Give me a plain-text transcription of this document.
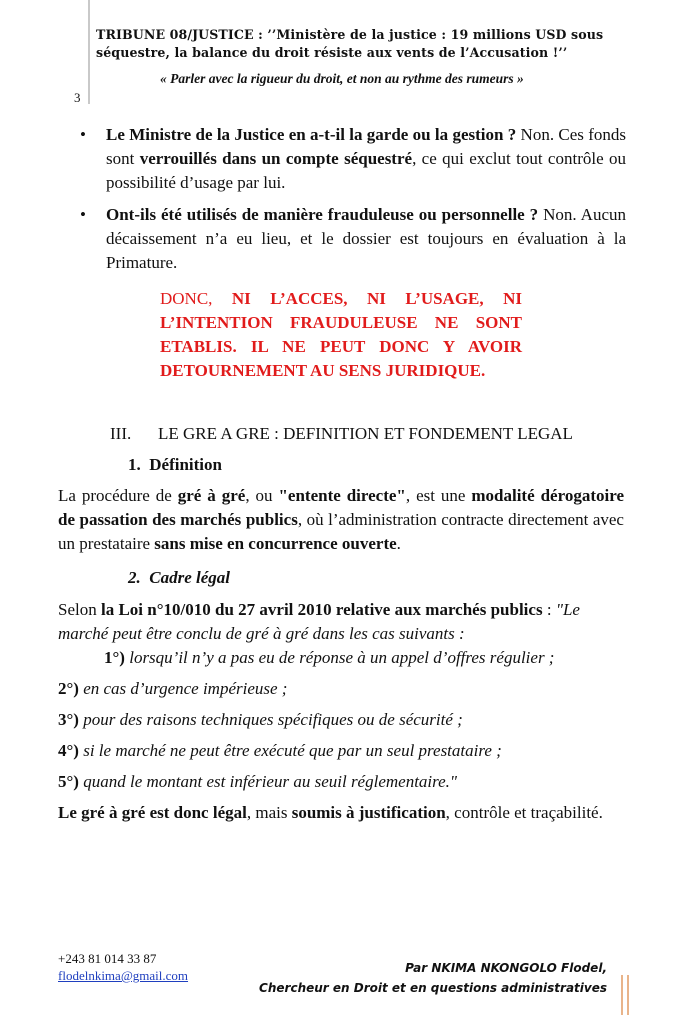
TRIBUNE 08/JUSTICE : ’’Ministère de la justice : 19 millions USD sous séquestre, la balance du droit résiste aux vents de l’Accusation !’’
« Parler avec la rigueur du droit, et non au rythme des rumeurs »
3
• Le Ministre de la Justice en a-t-il la garde ou la gestion ? Non. Ces fonds sont verrouillés dans un compte séquestré, ce qui exclut tout contrôle ou possibilité d’usage par lui.
• Ont-ils été utilisés de manière frauduleuse ou personnelle ? Non. Aucun décaissement n’a eu lieu, et le dossier est toujours en évaluation à la Primature.
DONC, NI L’ACCES, NI L’USAGE, NI L’INTENTION FRAUDULEUSE NE SONT ETABLIS. IL NE PEUT DONC Y AVOIR DETOURNEMENT AU SENS JURIDIQUE.
III. LE GRE A GRE : DEFINITION ET FONDEMENT LEGAL
1.  Définition
La procédure de gré à gré, ou "entente directe", est une modalité dérogatoire de passation des marchés publics, où l’administration contracte directement avec un prestataire sans mise en concurrence ouverte.
2.  Cadre légal
Selon la Loi n°10/010 du 27 avril 2010 relative aux marchés publics : "Le marché peut être conclu de gré à gré dans les cas suivants :
1°) lorsqu’il n’y a pas eu de réponse à un appel d’offres régulier ;
2°) en cas d’urgence impérieuse ;
3°) pour des raisons techniques spécifiques ou de sécurité ;
4°) si le marché ne peut être exécuté que par un seul prestataire ;
5°) quand le montant est inférieur au seuil réglementaire."
Le gré à gré est donc légal, mais soumis à justification, contrôle et traçabilité.
+243 81 014 33 87
flodelnkima@gmail.com	Par NKIMA NKONGOLO Flodel,
Chercheur en Droit et en questions administratives
